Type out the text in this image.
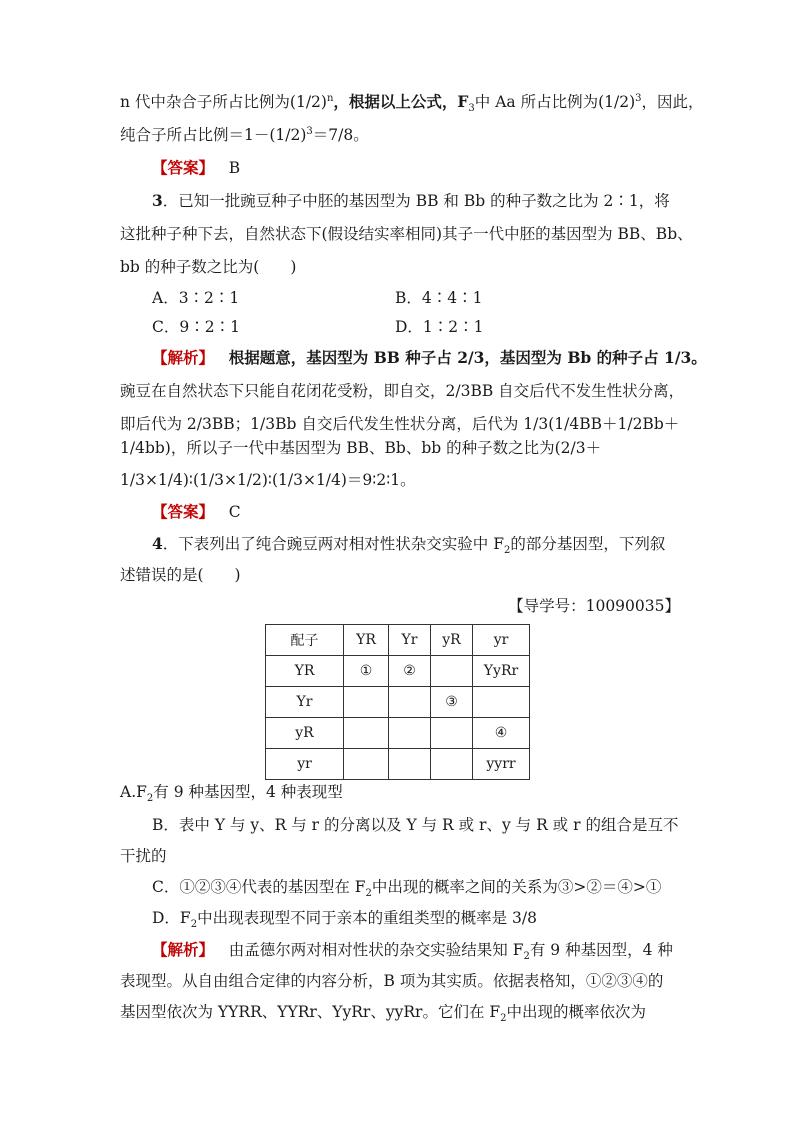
n 代中杂合子所占比例为$(1/2)^n$，根据以上公式，$F_3$中 Aa 所占比例为$(1/2)^3$，因此，
纯合子所占比例$=1-(1/2)^3=7/8$。
【答案】 B
3．已知一批豌豆种子中胚的基因型为 BB 和 Bb 的种子数之比为 2∶1，将
这批种子种下去，自然状态下(假设结实率相同)其子一代中胚的基因型为 BB、Bb、
bb 的种子数之比为(　　)
A．3∶2∶1	B．4∶4∶1
C．9∶2∶1	D．1∶2∶1
【解析】 根据题意，基因型为 BB 种子占 2/3，基因型为 Bb 的种子占 1/3。
豌豆在自然状态下只能自花闭花受粉，即自交，2/3BB 自交后代不发生性状分离，
即后代为 2/3BB；1/3Bb 自交后代发生性状分离，后代为 1/3(1/4BB＋1/2Bb＋
1/4bb)，所以子一代中基因型为 BB、Bb、bb 的种子数之比为(2/3＋
1/3×1/4)∶(1/3×1/2)∶(1/3×1/4)＝9∶2∶1。
【答案】 C
4．下表列出了纯合豌豆两对相对性状杂交实验中 $F_2$的部分基因型，下列叙
述错误的是(　　)
【导学号：10090035】
配子	YR	Yr	yR	yr
YR	①	②		YyRr
Yr			③	
yR				④
yr				yyrr
$A.F_2$有 9 种基因型，4 种表现型
B．表中 Y 与 y、R 与 r 的分离以及 Y 与 R 或 r、y 与 R 或 r 的组合是互不
干扰的
C．①②③④代表的基因型在 $F_2$中出现的概率之间的关系为③>②＝④>①
D．$F_2$中出现表现型不同于亲本的重组类型的概率是 3/8
【解析】 由孟德尔两对相对性状的杂交实验结果知 $F_2$有 9 种基因型，4 种
表现型。从自由组合定律的内容分析，B 项为其实质。依据表格知，①②③④的
基因型依次为 YYRR、YYRr、YyRr、yyRr。它们在 $F_2$中出现的概率依次为
